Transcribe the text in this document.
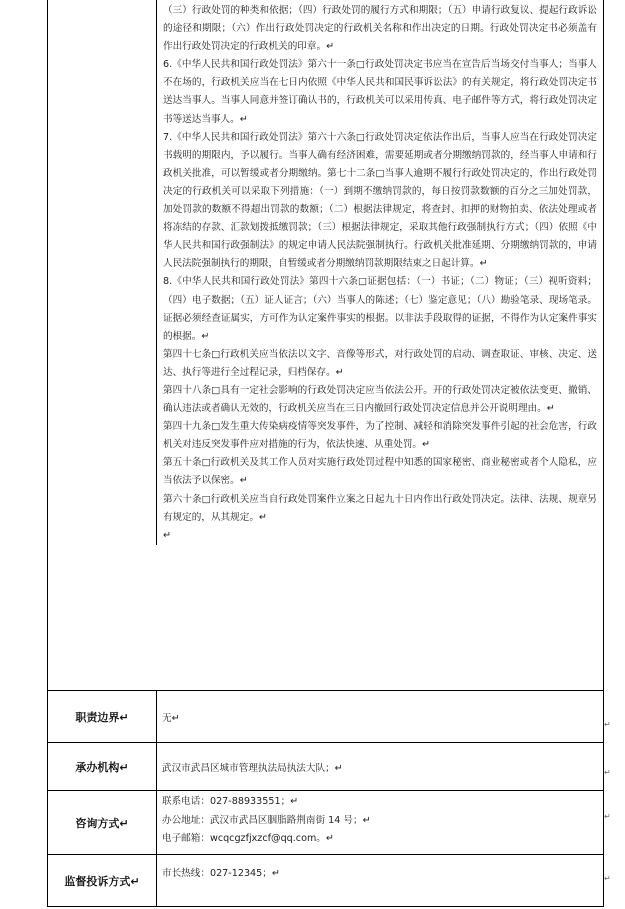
（三）行政处罚的种类和依据；（四）行政处罚的履行方式和期限；（五）申请行政复议、提起行政诉讼的途径和期限；（六）作出行政处罚决定的行政机关名称和作出决定的日期。行政处罚决定书必须盖有作出行政处罚决定的行政机关的印章。↵

6.《中华人民共和国行政处罚法》第六十一条□行政处罚决定书应当在宣告后当场交付当事人；当事人不在场的，行政机关应当在七日内依照《中华人民共和国民事诉讼法》的有关规定，将行政处罚决定书送达当事人。当事人同意并签订确认书的，行政机关可以采用传真、电子邮件等方式，将行政处罚决定书等送达当事人。↵

7.《中华人民共和国行政处罚法》第六十六条□行政处罚决定依法作出后，当事人应当在行政处罚决定书载明的期限内，予以履行。当事人确有经济困难，需要延期或者分期缴纳罚款的，经当事人申请和行政机关批准，可以暂缓或者分期缴纳。第七十二条□当事人逾期不履行行政处罚决定的，作出行政处罚决定的行政机关可以采取下列措施：（一）到期不缴纳罚款的，每日按罚款数额的百分之三加处罚款，加处罚款的数额不得超出罚款的数额；（二）根据法律规定，将查封、扣押的财物拍卖、依法处理或者将冻结的存款、汇款划拨抵缴罚款；（三）根据法律规定，采取其他行政强制执行方式；（四）依照《中华人民共和国行政强制法》的规定申请人民法院强制执行。行政机关批准延期、分期缴纳罚款的，申请人民法院强制执行的期限，自暂缓或者分期缴纳罚款期限结束之日起计算。↵

8.《中华人民共和国行政处罚法》第四十六条□证据包括：（一）书证；（二）物证；（三）视听资料；（四）电子数据；（五）证人证言；（六）当事人的陈述；（七）鉴定意见；（八）勘验笔录、现场笔录。证据必须经查证属实，方可作为认定案件事实的根据。以非法手段取得的证据，不得作为认定案件事实的根据。↵

第四十七条□行政机关应当依法以文字、音像等形式，对行政处罚的启动、调查取证、审核、决定、送达、执行等进行全过程记录，归档保存。↵

第四十八条□具有一定社会影响的行政处罚决定应当依法公开。开的行政处罚决定被依法变更、撤销、确认违法或者确认无效的，行政机关应当在三日内撤回行政处罚决定信息并公开说明理由。↵

第四十九条□发生重大传染病疫情等突发事件，为了控制、减轻和消除突发事件引起的社会危害，行政机关对违反突发事件应对措施的行为，依法快速、从重处罚。↵

第五十条□行政机关及其工作人员对实施行政处罚过程中知悉的国家秘密、商业秘密或者个人隐私，应当依法予以保密。↵

第六十条□行政机关应当自行政处罚案件立案之日起九十日内作出行政处罚决定。法律、法规、规章另有规定的，从其规定。↵

↵

职责边界↵	无↵
承办机构↵	武汉市武昌区城市管理执法局执法大队；↵
咨询方式↵
联系电话：027-88933551；↵
办公地址：武汉市武昌区胭脂路荆南街 14 号；↵
电子邮箱：wcqcgzfjxzcf@qq.com。↵
监督投诉方式↵
市长热线：027-12345；↵
↵
↵
↵
↵
